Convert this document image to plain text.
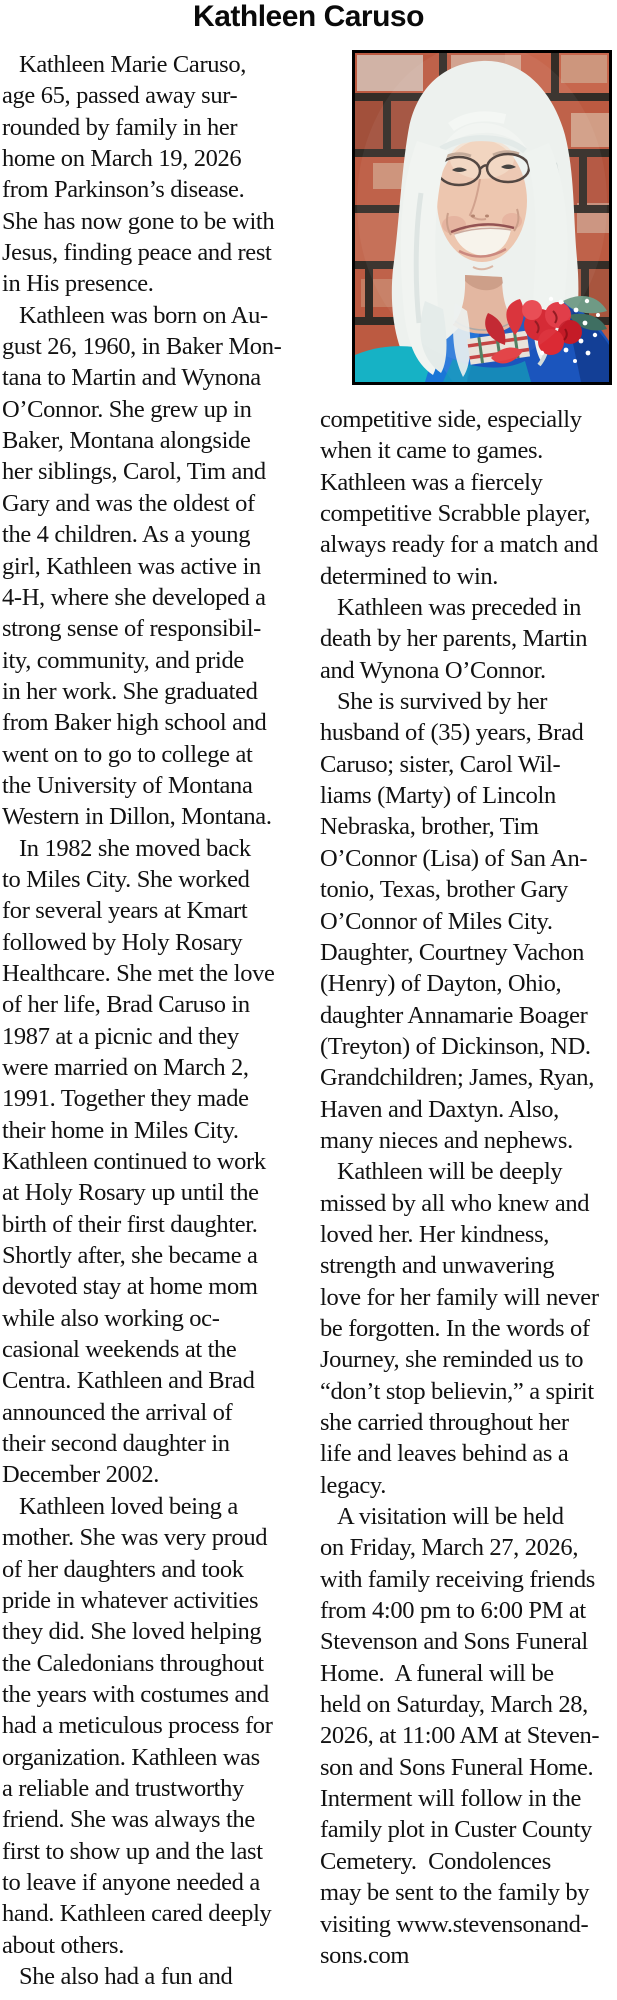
Kathleen Caruso
Kathleen Marie Caruso,
age 65, passed away sur-
rounded by family in her
home on March 19, 2026
from Parkinson’s disease.
She has now gone to be with
Jesus, finding peace and rest
in His presence.
Kathleen was born on Au-
gust 26, 1960, in Baker Mon-
tana to Martin and Wynona
O’Connor. She grew up in
Baker, Montana alongside
her siblings, Carol, Tim and
Gary and was the oldest of
the 4 children. As a young
girl, Kathleen was active in
4-H, where she developed a
strong sense of responsibil-
ity, community, and pride
in her work. She graduated
from Baker high school and
went on to go to college at
the University of Montana
Western in Dillon, Montana.
In 1982 she moved back
to Miles City. She worked
for several years at Kmart
followed by Holy Rosary
Healthcare. She met the love
of her life, Brad Caruso in
1987 at a picnic and they
were married on March 2,
1991. Together they made
their home in Miles City.
Kathleen continued to work
at Holy Rosary up until the
birth of their first daughter.
Shortly after, she became a
devoted stay at home mom
while also working oc-
casional weekends at the
Centra. Kathleen and Brad
announced the arrival of
their second daughter in
December 2002.
Kathleen loved being a
mother. She was very proud
of her daughters and took
pride in whatever activities
they did. She loved helping
the Caledonians throughout
the years with costumes and
had a meticulous process for
organization. Kathleen was
a reliable and trustworthy
friend. She was always the
first to show up and the last
to leave if anyone needed a
hand. Kathleen cared deeply
about others.
She also had a fun and
competitive side, especially
when it came to games.
Kathleen was a fiercely
competitive Scrabble player,
always ready for a match and
determined to win.
Kathleen was preceded in
death by her parents, Martin
and Wynona O’Connor.
She is survived by her
husband of (35) years, Brad
Caruso; sister, Carol Wil-
liams (Marty) of Lincoln
Nebraska, brother, Tim
O’Connor (Lisa) of San An-
tonio, Texas, brother Gary
O’Connor of Miles City.
Daughter, Courtney Vachon
(Henry) of Dayton, Ohio,
daughter Annamarie Boager
(Treyton) of Dickinson, ND.
Grandchildren; James, Ryan,
Haven and Daxtyn. Also,
many nieces and nephews.
Kathleen will be deeply
missed by all who knew and
loved her. Her kindness,
strength and unwavering
love for her family will never
be forgotten. In the words of
Journey, she reminded us to
“don’t stop believin,” a spirit
she carried throughout her
life and leaves behind as a
legacy.
A visitation will be held
on Friday, March 27, 2026,
with family receiving friends
from 4:00 pm to 6:00 PM at
Stevenson and Sons Funeral
Home.  A funeral will be
held on Saturday, March 28,
2026, at 11:00 AM at Steven-
son and Sons Funeral Home.
Interment will follow in the
family plot in Custer County
Cemetery.  Condolences
may be sent to the family by
visiting www.stevensonand-
sons.com
